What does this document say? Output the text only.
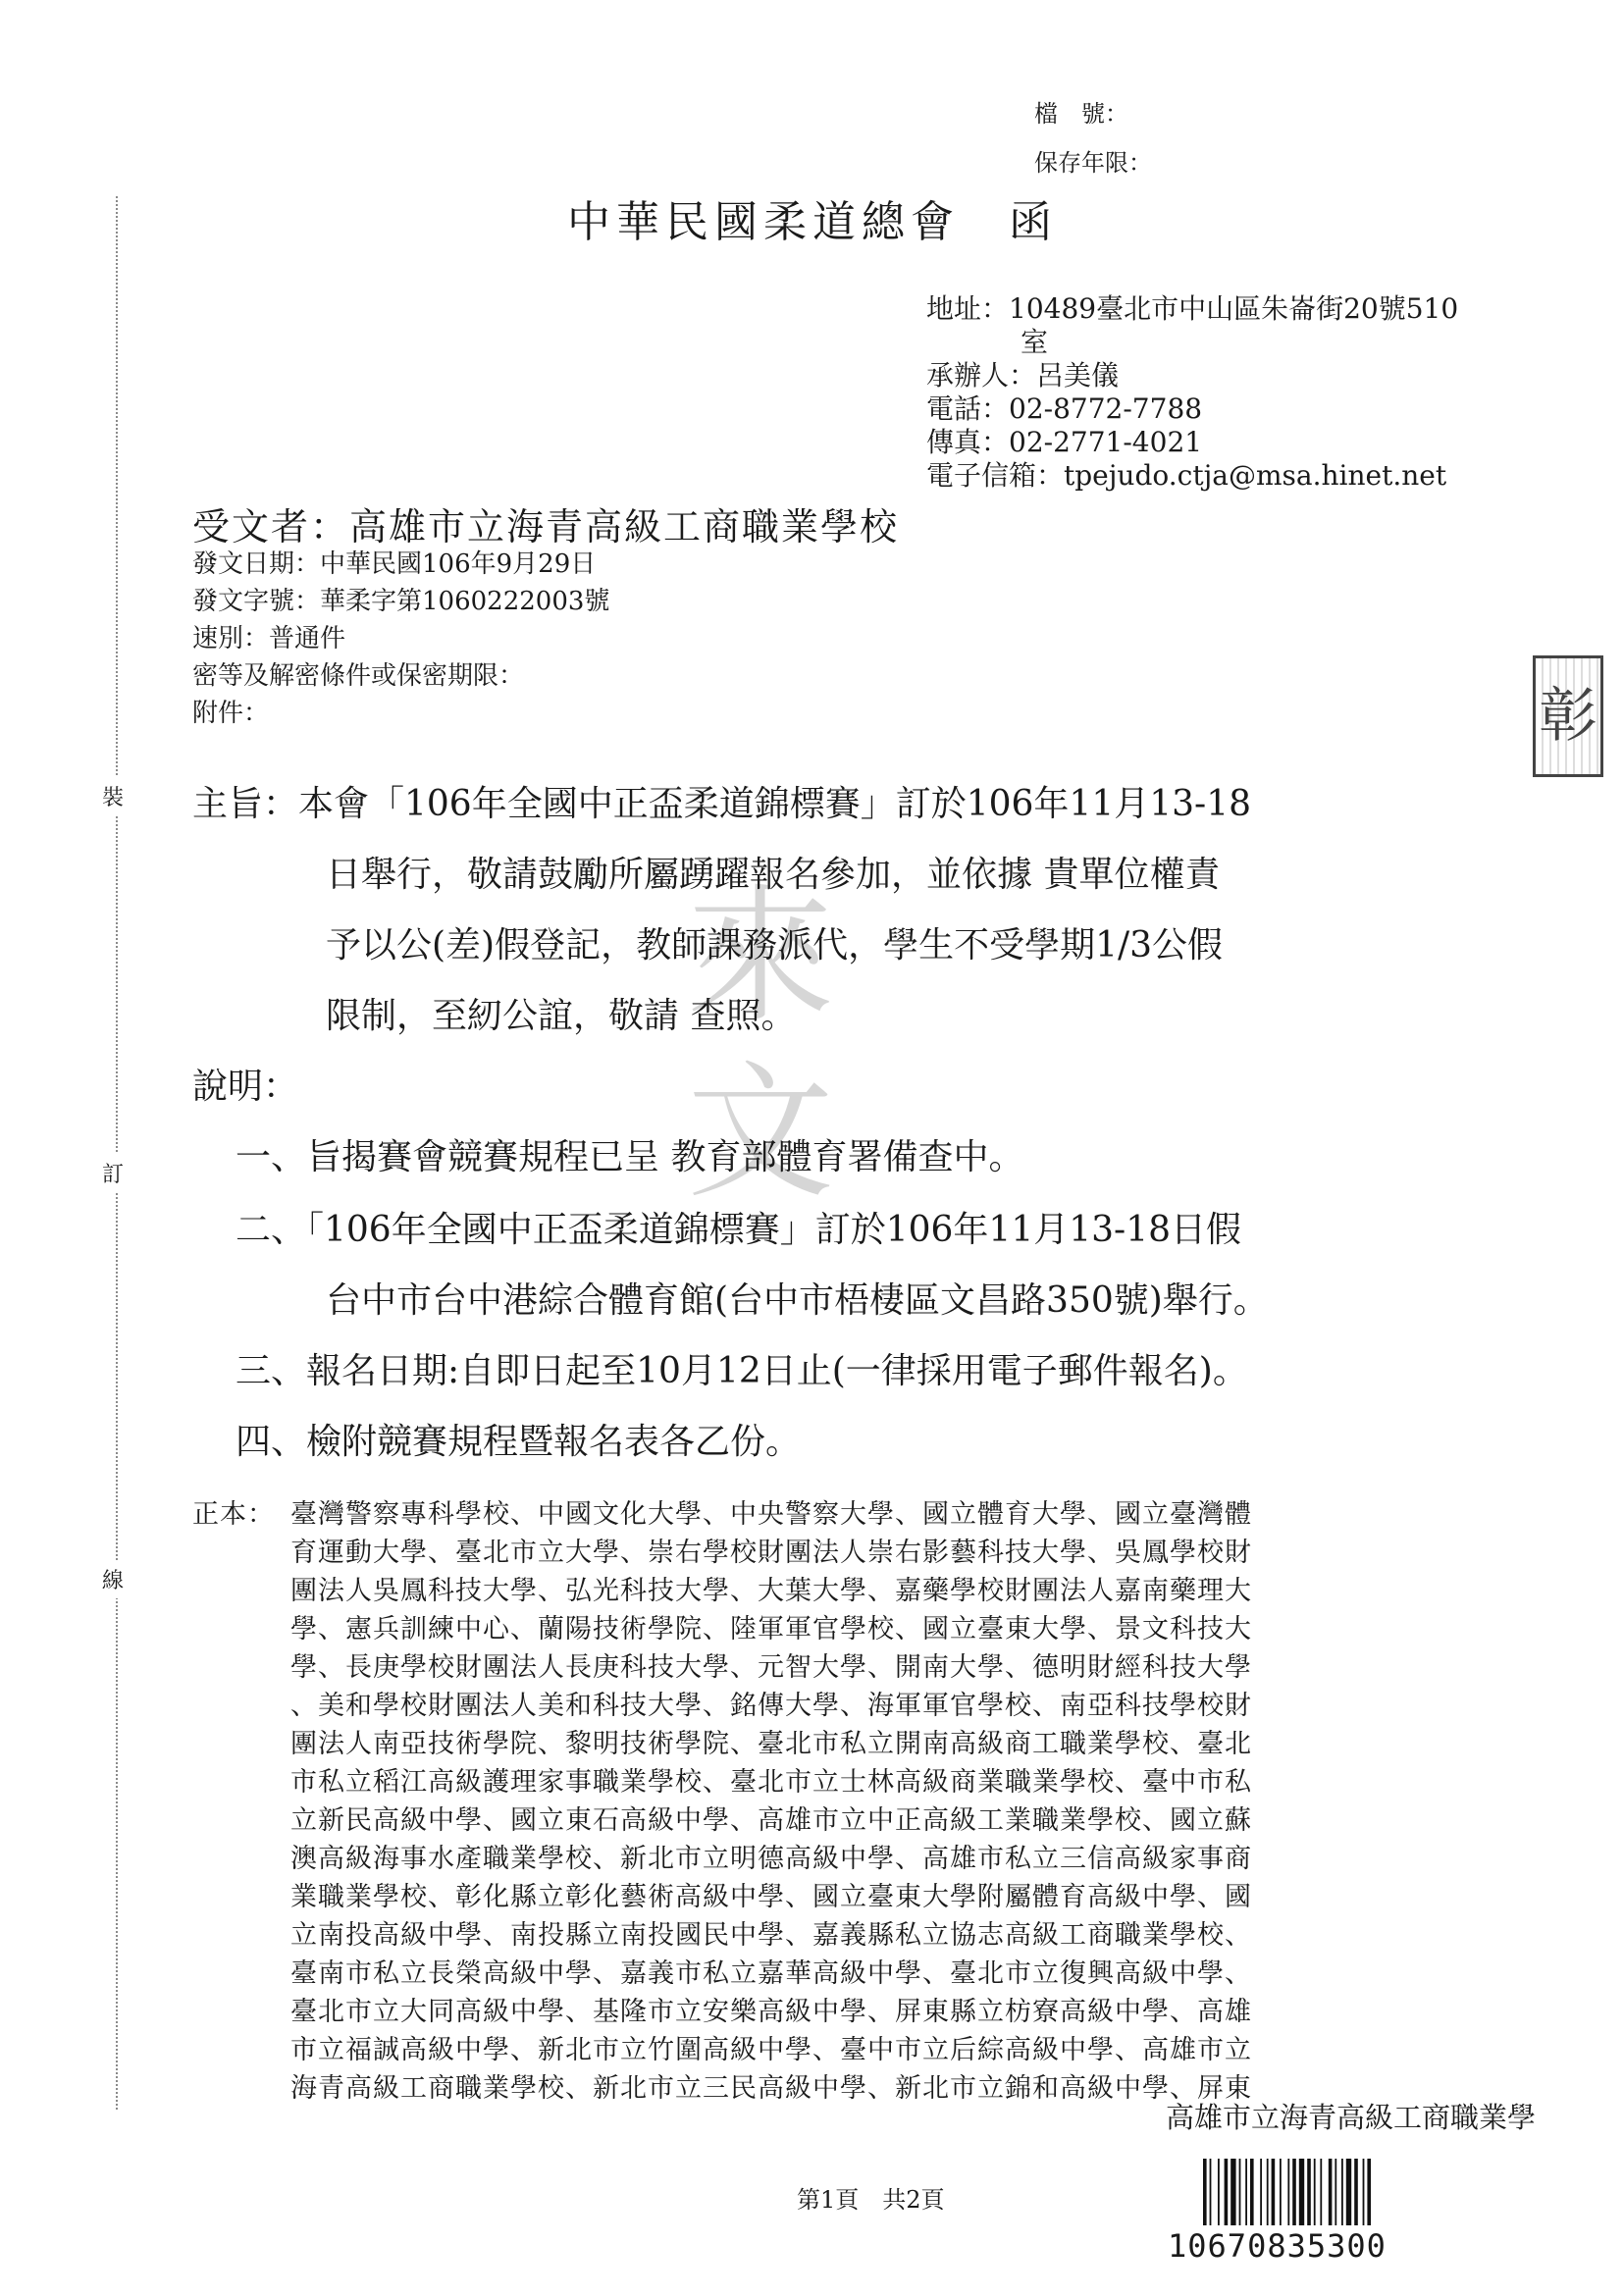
裝
訂
線
檔　號：
保存年限：
中華民國柔道總會　函
地址：10489臺北市中山區朱崙街20號510
室
承辦人：呂美儀
電話：02-8772-7788
傳真：02-2771-4021
電子信箱：tpejudo.ctja@msa.hinet.net
受文者：高雄市立海青高級工商職業學校
發文日期：中華民國106年9月29日
發文字號：華柔字第1060222003號
速別：普通件
密等及解密條件或保密期限：
附件：
來
文
彰
主旨：本會「106年全國中正盃柔道錦標賽」訂於106年11月13-18
日舉行，敬請鼓勵所屬踴躍報名參加，並依據 貴單位權責
予以公(差)假登記，教師課務派代，學生不受學期1/3公假
限制，至紉公誼，敬請 查照。
說明：
一、旨揭賽會競賽規程已呈 教育部體育署備查中。
二、「106年全國中正盃柔道錦標賽」訂於106年11月13-18日假
台中市台中港綜合體育館(台中市梧棲區文昌路350號)舉行。
三、報名日期:自即日起至10月12日止(一律採用電子郵件報名)。
四、檢附競賽規程暨報名表各乙份。
正本： 臺灣警察專科學校、中國文化大學、中央警察大學、國立體育大學、國立臺灣體
育運動大學、臺北市立大學、崇右學校財團法人崇右影藝科技大學、吳鳳學校財
團法人吳鳳科技大學、弘光科技大學、大葉大學、嘉藥學校財團法人嘉南藥理大
學、憲兵訓練中心、蘭陽技術學院、陸軍軍官學校、國立臺東大學、景文科技大
學、長庚學校財團法人長庚科技大學、元智大學、開南大學、德明財經科技大學
、美和學校財團法人美和科技大學、銘傳大學、海軍軍官學校、南亞科技學校財
團法人南亞技術學院、黎明技術學院、臺北市私立開南高級商工職業學校、臺北
市私立稻江高級護理家事職業學校、臺北市立士林高級商業職業學校、臺中市私
立新民高級中學、國立東石高級中學、高雄市立中正高級工業職業學校、國立蘇
澳高級海事水產職業學校、新北市立明德高級中學、高雄市私立三信高級家事商
業職業學校、彰化縣立彰化藝術高級中學、國立臺東大學附屬體育高級中學、國
立南投高級中學、南投縣立南投國民中學、嘉義縣私立協志高級工商職業學校、
臺南市私立長榮高級中學、嘉義市私立嘉華高級中學、臺北市立復興高級中學、
臺北市立大同高級中學、基隆市立安樂高級中學、屏東縣立枋寮高級中學、高雄
市立福誠高級中學、新北市立竹圍高級中學、臺中市立后綜高級中學、高雄市立
海青高級工商職業學校、新北市立三民高級中學、新北市立錦和高級中學、屏東
高雄市立海青高級工商職業學
第1頁　共2頁
10670835300
